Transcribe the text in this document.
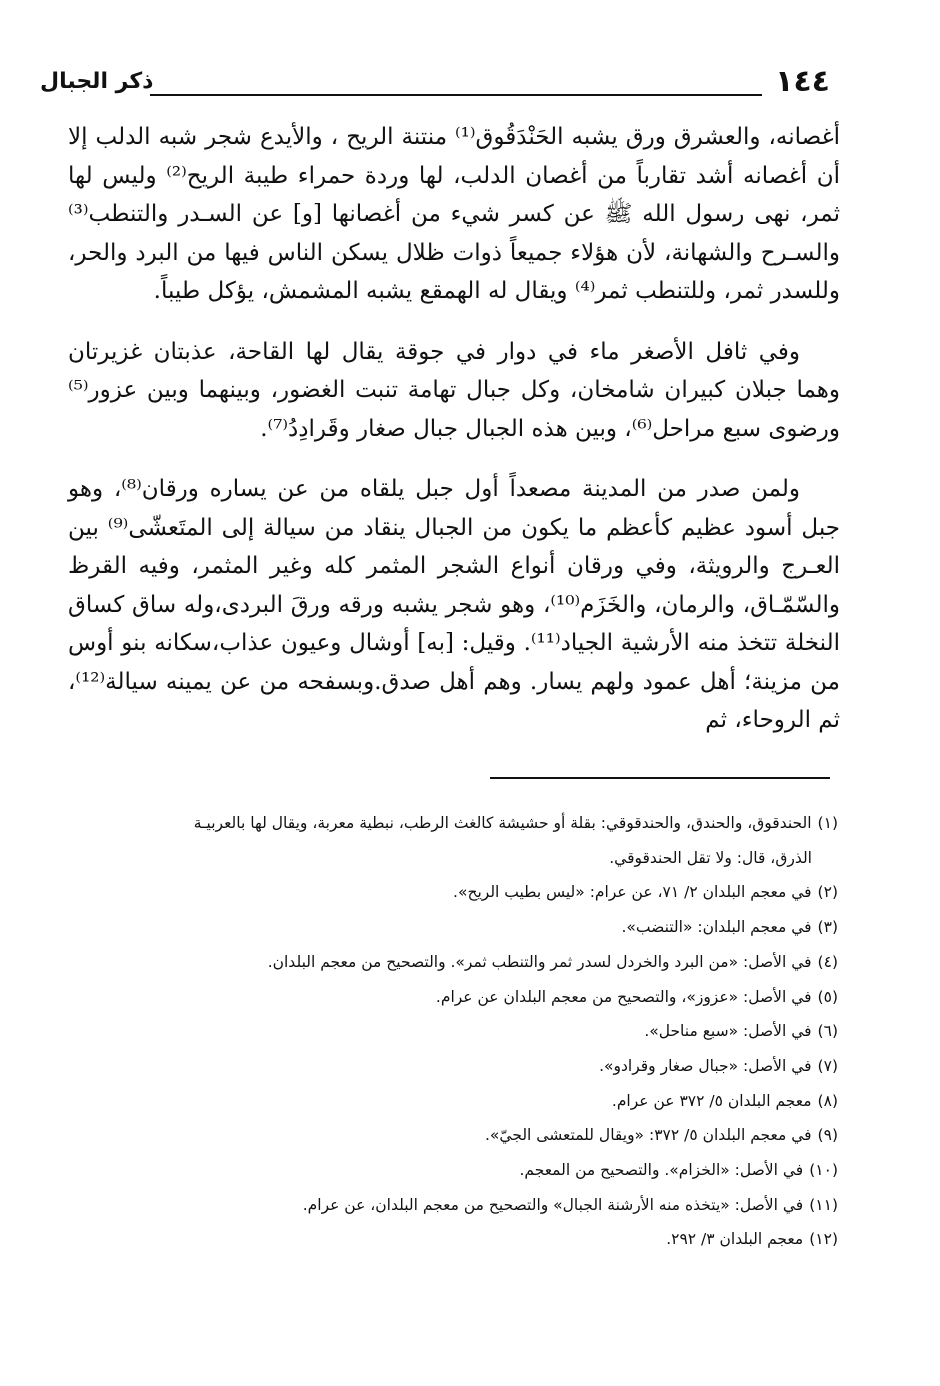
١٤٤
ذكر الجبال

أغصانه، والعشرق ورق يشبه الحَنْدَقُوق⁽¹⁾ منتنة الريح ، والأيدع شجر شبه الدلب إلا أن أغصانه أشد تقارباً من أغصان الدلب، لها وردة حمراء طيبة الريح⁽²⁾ وليس لها ثمر، نهى رسول الله ﷺ عن كسر شيء من أغصانها [و] عن السـدر والتنطب⁽³⁾ والسـرح والشهانة، لأن هؤلاء جميعاً ذوات ظلال يسكن الناس فيها من البرد والحر، وللسدر ثمر، وللتنطب ثمر⁽⁴⁾ ويقال له الهمقع يشبه المشمش، يؤكل طيباً.

وفي ثافل الأصغر ماء في دوار في جوقة يقال لها القاحة، عذبتان غزيرتان وهما جبلان كبيران شامخان، وكل جبال تهامة تنبت الغضور، وبينهما وبين عزور⁽⁵⁾ ورضوى سبع مراحل⁽⁶⁾، وبين هذه الجبال جبال صغار وقَرادِدُ⁽⁷⁾.

ولمن صدر من المدينة مصعداً أول جبل يلقاه من عن يساره ورقان⁽⁸⁾، وهو جبل أسود عظيم كأعظم ما يكون من الجبال ينقاد من سيالة إلى المتَعشّى⁽⁹⁾ بين العـرج والرويثة، وفي ورقان أنواع الشجر المثمر كله وغير المثمر، وفيه القرظ والسّمّـاق، والرمان، والخَزَم⁽¹⁰⁾، وهو شجر يشبه ورقه ورقَ البردى،وله ساق كساق النخلة تتخذ منه الأرشية الجياد⁽¹¹⁾. وقيل: [به] أوشال وعيون عذاب،سكانه بنو أوس من مزينة؛ أهل عمود ولهم يسار. وهم أهل صدق.وبسفحه من عن يمينه سيالة⁽¹²⁾، ثم الروحاء، ثم

(١)الحندقوق، والحندق، والحندقوقي: بقلة أو حشيشة كالغث الرطب، نبطية معربة، ويقال لها بالعربيـة
الذرق، قال: ولا تقل الحندقوقي.

(٢)في معجم البلدان ٢/ ٧١، عن عرام: «ليس بطيب الريح».

(٣)في معجم البلدان: «التنضب».

(٤)في الأصل: «من البرد والخردل لسدر ثمر والتنطب ثمر». والتصحيح من معجم البلدان.

(٥)في الأصل: «عزوز»، والتصحيح من معجم البلدان عن عرام.

(٦)في الأصل: «سبع مناحل».

(٧)في الأصل: «جبال صغار وقرادو».

(٨)معجم البلدان ٥/ ٣٧٢ عن عرام.

(٩)في معجم البلدان ٥/ ٣٧٢: «ويقال للمتعشى الجيّ».

(١٠)في الأصل: «الخزام». والتصحيح من المعجم.

(١١)في الأصل: «يتخذه منه الأرشنة الجبال» والتصحيح من معجم البلدان، عن عرام.

(١٢)معجم البلدان ٣/ ٢٩٢.
